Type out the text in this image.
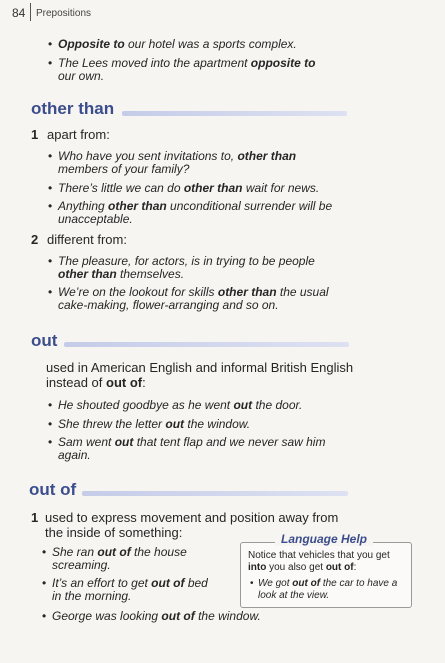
84 Prepositions
• Opposite to our hotel was a sports complex.
• The Lees moved into the apartment opposite to
our own.
other than
1 apart from:
• Who have you sent invitations to, other than
members of your family?
• There’s little we can do other than wait for news.
• Anything other than unconditional surrender will be
unacceptable.
2 different from:
• The pleasure, for actors, is in trying to be people
other than themselves.
• We’re on the lookout for skills other than the usual
cake-making, flower-arranging and so on.
out
used in American English and informal British English
instead of out of:
• He shouted goodbye as he went out the door.
• She threw the letter out the window.
• Sam went out that tent flap and we never saw him
again.
out of
1 used to express movement and position away from
the inside of something:
• She ran out of the house
screaming.
• It’s an effort to get out of bed
in the morning.
• George was looking out of the window.
Language Help
Notice that vehicles that you get
into you also get out of:
• We got out of the car to have a
look at the view.
